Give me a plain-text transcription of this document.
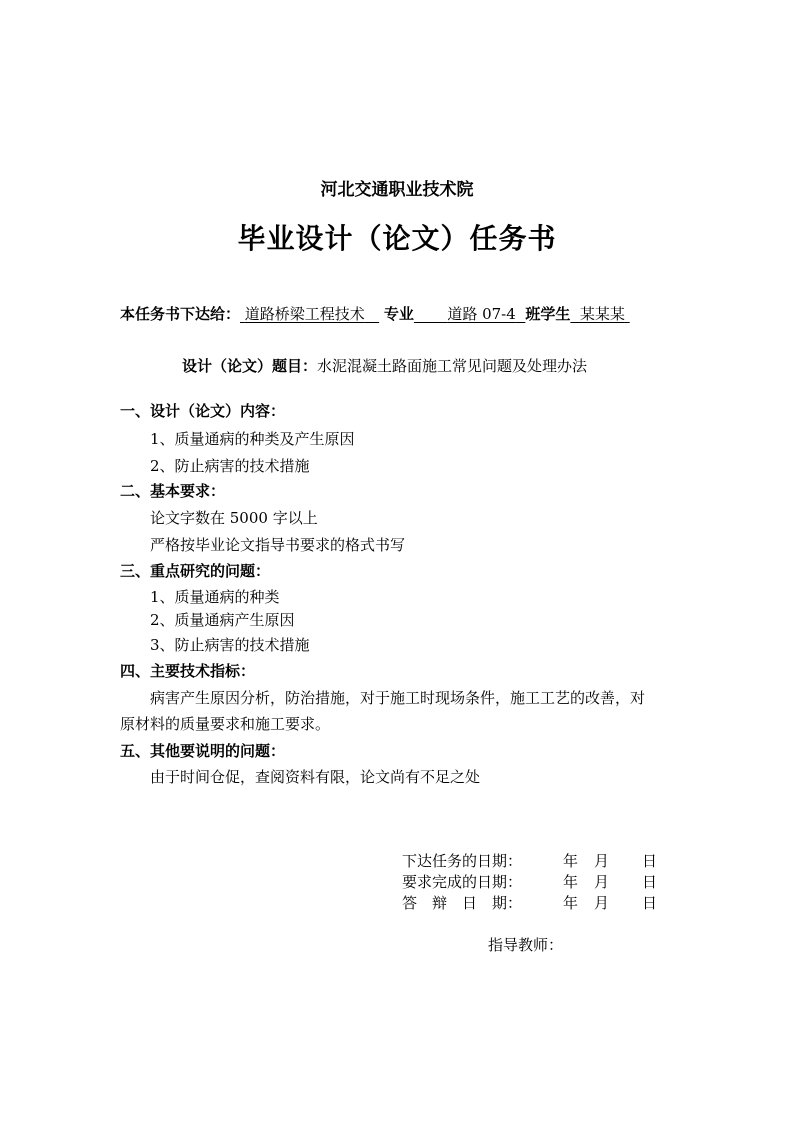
河北交通职业技术院
毕业设计（论文）任务书
本任务书下达给： 道路桥梁工程技术 专业 道路 07-4 班学生 某某某
设计（论文）题目：水泥混凝土路面施工常见问题及处理办法
一、设计（论文）内容：
1、质量通病的种类及产生原因
2、防止病害的技术措施
二、基本要求：
论文字数在 5000 字以上
严格按毕业论文指导书要求的格式书写
三、重点研究的问题：
1、质量通病的种类
2、质量通病产生原因
3、防止病害的技术措施
四、主要技术指标：
病害产生原因分析，防治措施，对于施工时现场条件，施工工艺的改善，对
原材料的质量要求和施工要求。
五、其他要说明的问题：
由于时间仓促，查阅资料有限，论文尚有不足之处
下达任务的日期：	年 月 日
要求完成的日期：	年 月 日
答　辩　日　期：	年 月 日
指导教师：
